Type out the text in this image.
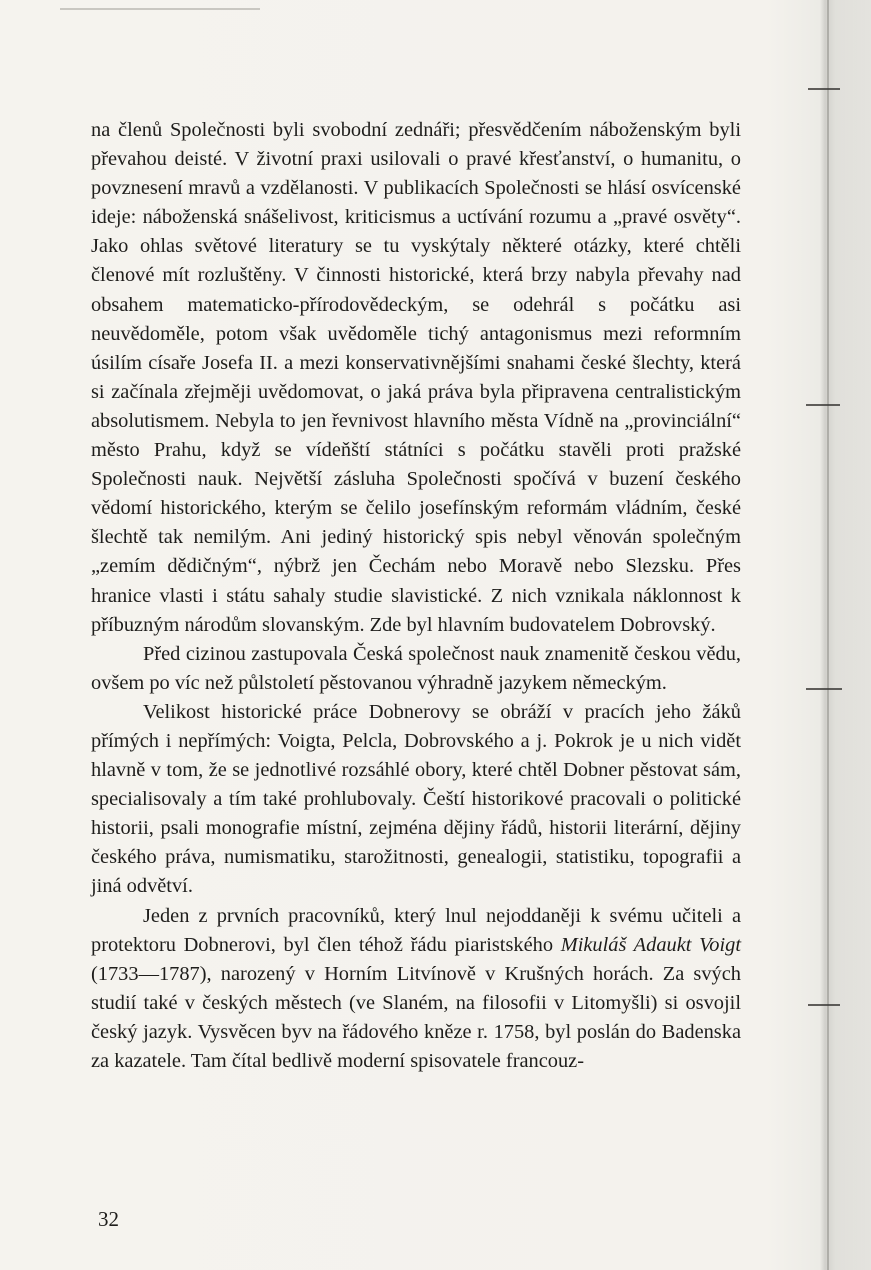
na členů Společnosti byli svobodní zednáři; přesvědčením náboženským byli převahou deisté. V životní praxi usilovali o pravé křesťanství, o humanitu, o povznesení mravů a vzdělanosti. V publikacích Společnosti se hlásí osvícenské ideje: náboženská snášelivost, kriticismus a uctívání rozumu a „pravé osvěty“. Jako ohlas světové literatury se tu vyskýtaly některé otázky, které chtěli členové mít rozluštěny. V činnosti historické, která brzy nabyla převahy nad obsahem matematicko-přírodovědeckým, se odehrál s počátku asi neuvědoměle, potom však uvědoměle tichý antagonismus mezi reformním úsilím císaře Josefa II. a mezi konservativnějšími snahami české šlechty, která si začínala zřejměji uvědomovat, o jaká práva byla připravena centralistickým absolutismem. Nebyla to jen řevnivost hlavního města Vídně na „provinciální“ město Prahu, když se vídeňští státníci s počátku stavěli proti pražské Společnosti nauk. Největší zásluha Společnosti spočívá v buzení českého vědomí historického, kterým se čelilo josefínským reformám vládním, české šlechtě tak nemilým. Ani jediný historický spis nebyl věnován společným „zemím dědičným“, nýbrž jen Čechám nebo Moravě nebo Slezsku. Přes hranice vlasti i státu sahaly studie slavistické. Z nich vznikala náklonnost k příbuzným národům slovanským. Zde byl hlavním budovatelem Dobrovský.

Před cizinou zastupovala Česká společnost nauk znamenitě českou vědu, ovšem po víc než půlstoletí pěstovanou výhradně jazykem německým.

Velikost historické práce Dobnerovy se obráží v pracích jeho žáků přímých i nepřímých: Voigta, Pelcla, Dobrovského a j. Pokrok je u nich vidět hlavně v tom, že se jednotlivé rozsáhlé obory, které chtěl Dobner pěstovat sám, specialisovaly a tím také prohlubovaly. Čeští historikové pracovali o politické historii, psali monografie místní, zejména dějiny řádů, historii literární, dějiny českého práva, numismatiku, starožitnosti, genealogii, statistiku, topografii a jiná odvětví.

Jeden z prvních pracovníků, který lnul nejoddaněji k svému učiteli a protektoru Dobnerovi, byl člen téhož řádu piaristského Mikuláš Adaukt Voigt (1733—1787), narozený v Horním Litvínově v Krušných horách. Za svých studií také v českých městech (ve Slaném, na filosofii v Litomyšli) si osvojil český jazyk. Vysvěcen byv na řádového kněze r. 1758, byl poslán do Badenska za kazatele. Tam čítal bedlivě moderní spisovatele francouz-

32
